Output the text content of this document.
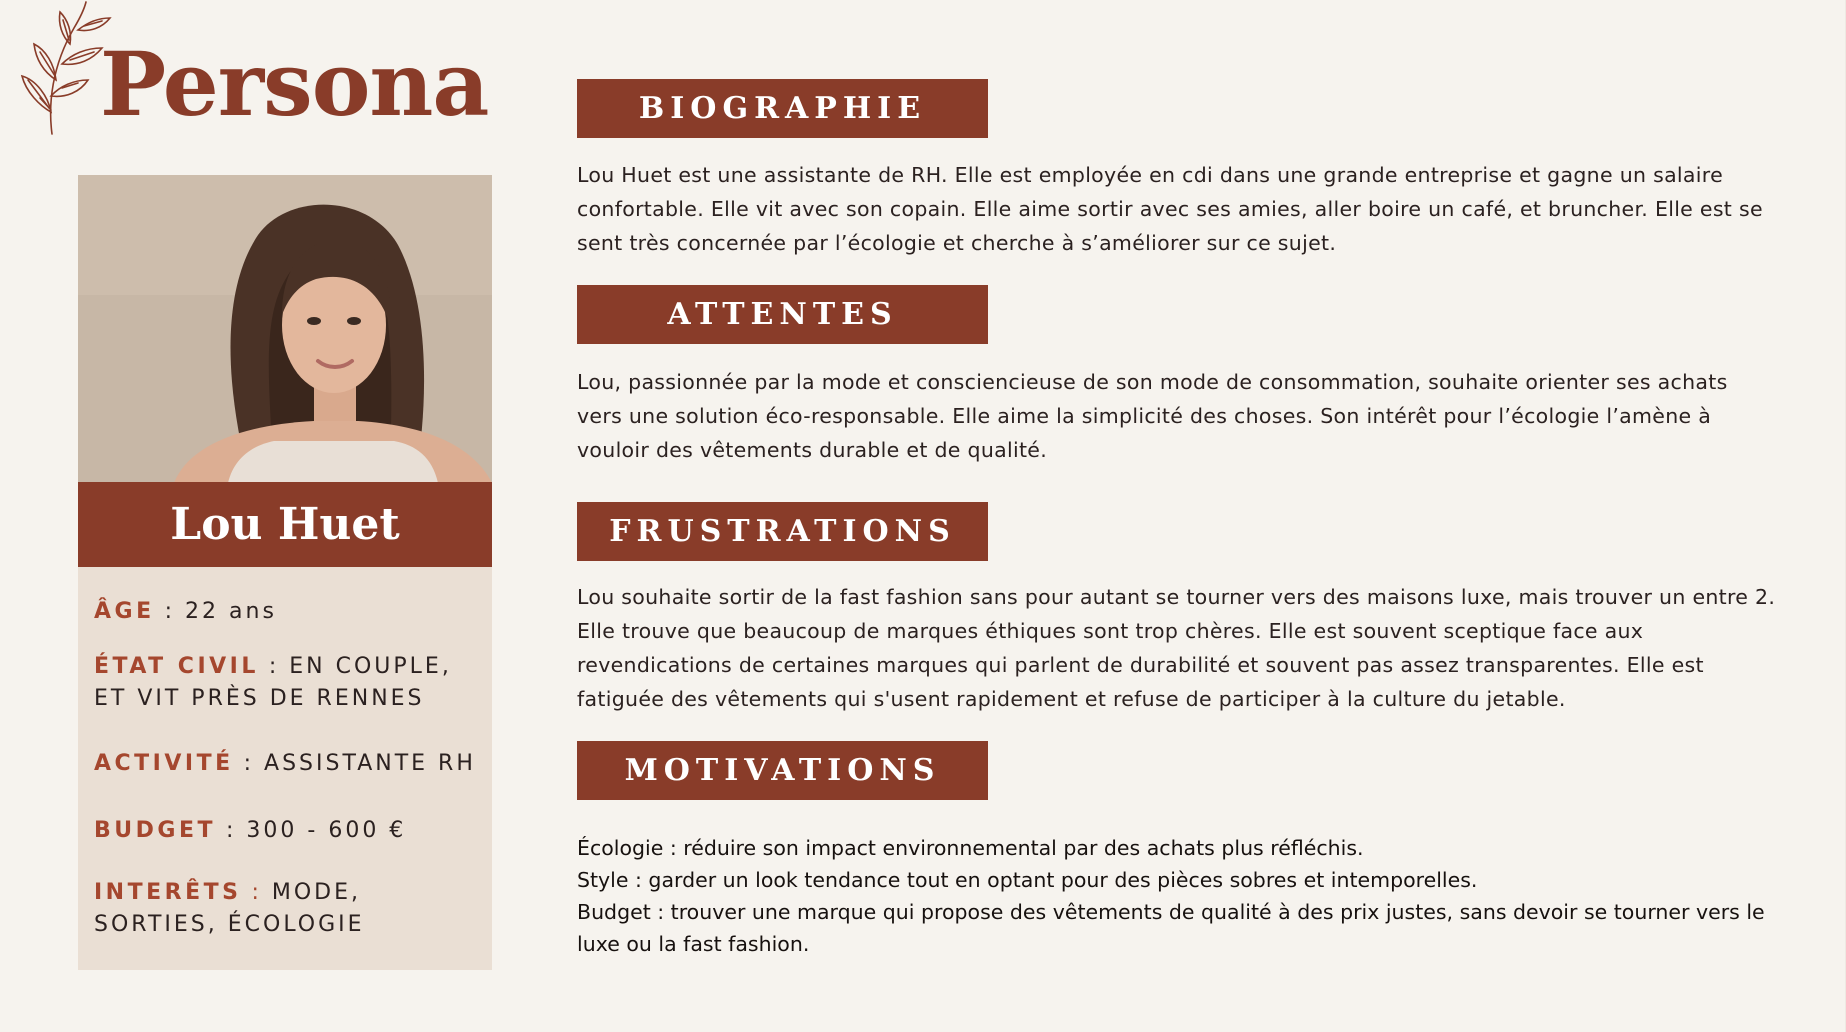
Persona
Lou Huet

ÂGE : 22 ans

ÉTAT CIVIL : EN COUPLE,
ET VIT PRÈS DE RENNES

ACTIVITÉ : ASSISTANTE RH

BUDGET : 300 - 600 €

INTERÊTS : MODE,
SORTIES, ÉCOLOGIE

BIOGRAPHIE

Lou Huet est une assistante de RH. Elle est employée en cdi dans une grande entreprise et gagne un salaire confortable. Elle vit avec son copain. Elle aime sortir avec ses amies, aller boire un café, et bruncher. Elle est se sent très concernée par l’écologie et cherche à s’améliorer sur ce sujet.

ATTENTES

Lou, passionnée par la mode et consciencieuse de son mode de consommation, souhaite orienter ses achats vers une solution éco-responsable. Elle aime la simplicité des choses. Son intérêt pour l’écologie l’amène à vouloir des vêtements durable et de qualité.

FRUSTRATIONS

Lou souhaite sortir de la fast fashion sans pour autant se tourner vers des maisons luxe, mais trouver un entre 2. Elle trouve que beaucoup de marques éthiques sont trop chères. Elle est souvent sceptique face aux revendications de certaines marques qui parlent de durabilité et souvent pas assez transparentes. Elle est fatiguée des vêtements qui s'usent rapidement et refuse de participer à la culture du jetable.

MOTIVATIONS
Écologie : réduire son impact environnemental par des achats plus réfléchis.
Style : garder un look tendance tout en optant pour des pièces sobres et intemporelles.
Budget : trouver une marque qui propose des vêtements de qualité à des prix justes, sans devoir se tourner vers le luxe ou la fast fashion.
